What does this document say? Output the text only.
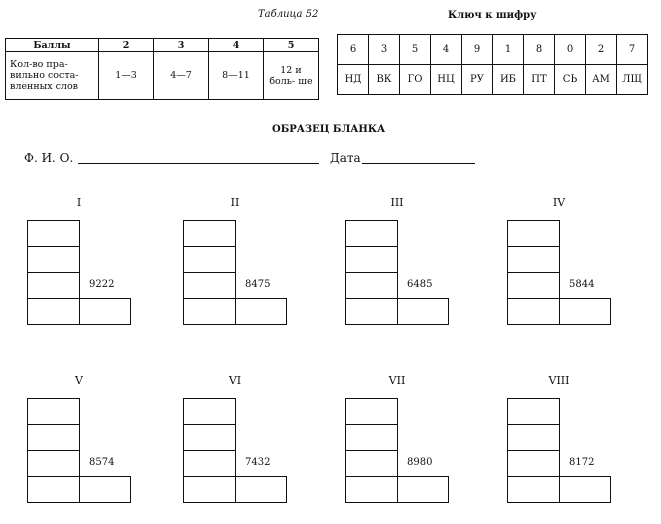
Таблица 52
Баллы	2	3	4	5

Кол-во пра-
вильно соста-
вленных слов	1—3	4—7	8—11	12 и боль- ше
Ключ к шифру
6	3	5	4	9	1	8	0	2	7
НД	ВК	ГО	НЦ	РУ	ИБ	ПТ	СЬ	АМ	ЛЩ
ОБРАЗЕЦ БЛАНКА
Ф. И. О.	Дата
I
9222
II
8475
III
6485
IV
5844
V
8574
VI
7432
VII
8980
VIII
8172
